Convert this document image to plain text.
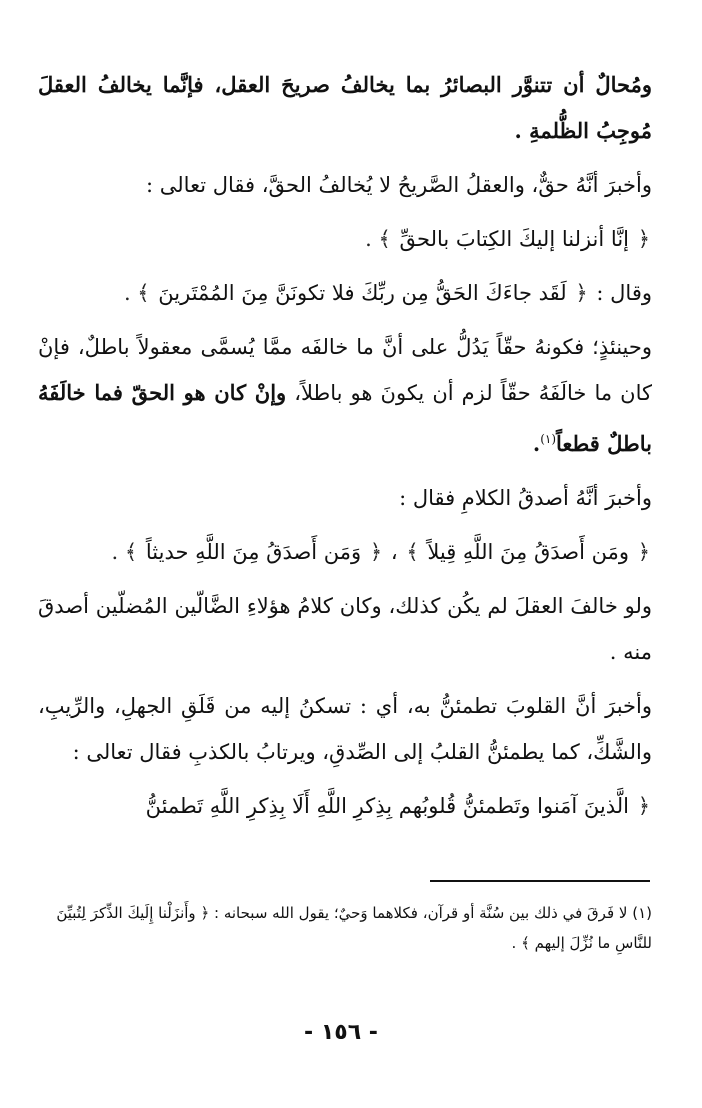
ومُحالٌ أن تتنوَّر البصائرُ بما يخالفُ صريحَ العقل، فإنَّما يخالفُ العقلَ مُوجِبُ الظُّلمةِ .

وأخبرَ أنَّهُ حقٌّ، والعقلُ الصَّريحُ لا يُخالفُ الحقَّ، فقال تعالى :

﴿ إنَّا أنزلنا إليكَ الكِتابَ بالحقِّ ﴾ .

وقال : ﴿ لَقَد جاءَكَ الحَقُّ مِن ربِّكَ فلا تكونَنَّ مِنَ المُمْتَرينَ ﴾ .

وحينئذٍ؛ فكونهُ حقّاً يَدُلُّ على أنَّ ما خالفَه ممَّا يُسمَّى معقولاً باطلٌ، فإنْ كان ما خالَفَهُ حقّاً لزم أن يكونَ هو باطلاً، وإنْ كان هو الحقّ فما خالَفَهُ باطلٌ قطعاً$^{(١)}$.

وأخبرَ أنَّهُ أصدقُ الكلامِ فقال :

﴿ ومَن أَصدَقُ مِنَ اللَّهِ قِيلاً ﴾ ، ﴿ وَمَن أَصدَقُ مِنَ اللَّهِ حديثاً ﴾ .

ولو خالفَ العقلَ لم يكُن كذلك، وكان كلامُ هؤلاءِ الضَّالّين المُضلّين أصدقَ منه .

وأخبرَ أنَّ القلوبَ تطمئنُّ به، أي : تسكنُ إليه من قَلَقِ الجهلِ، والرِّيبِ، والشَّكِّ، كما يطمئنُّ القلبُ إلى الصِّدقِ، ويرتابُ بالكذبِ فقال تعالى :

﴿ الَّذينَ آمَنوا وتَطمئنُّ قُلوبُهم بِذِكرِ اللَّهِ أَلَا بِذِكرِ اللَّهِ تَطمئنُّ

(١) لا فَرقَ في ذلك بين سُنَّة أو قرآن، فكلاهما وَحيٌ؛ يقول الله سبحانه : ﴿ وأَنزَلْنا إِلَيكَ الذِّكرَ لِتُبيِّنَ للنَّاسِ ما نُزِّلَ إليهم ﴾ .
- ١٥٦ -
